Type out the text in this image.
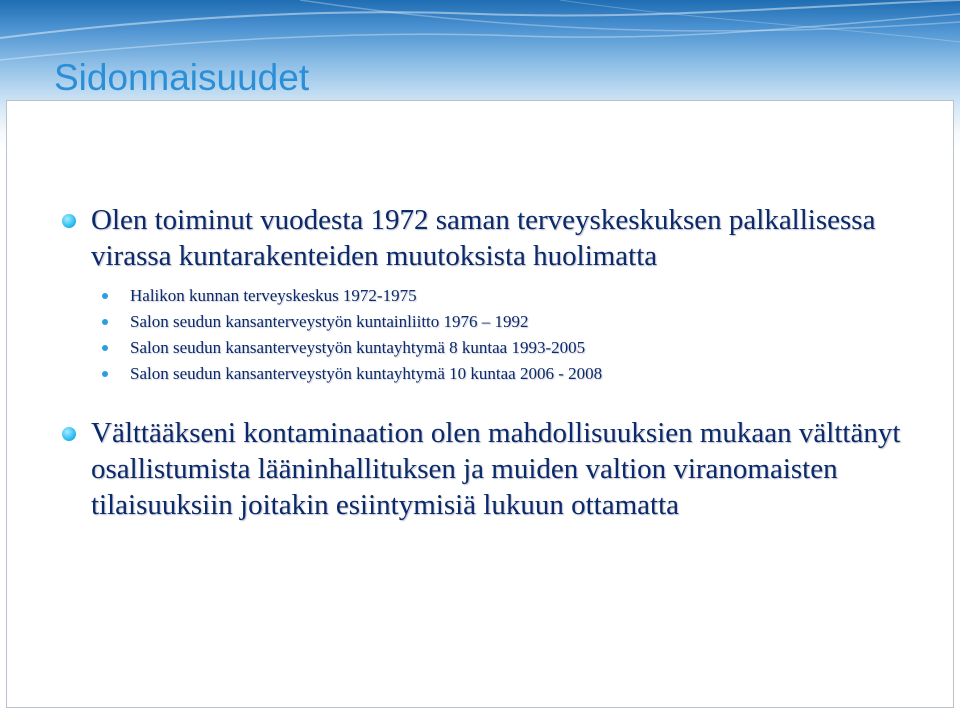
Sidonnaisuudet
Olen toiminut vuodesta 1972 saman terveyskeskuksen palkallisessa virassa kuntarakenteiden muutoksista huolimatta
Halikon kunnan terveyskeskus 1972-1975
Salon seudun kansanterveystyön kuntainliitto 1976 – 1992
Salon seudun kansanterveystyön kuntayhtymä 8 kuntaa 1993-2005
Salon seudun kansanterveystyön kuntayhtymä 10 kuntaa 2006 - 2008
Välttääkseni kontaminaation olen mahdollisuuksien mukaan välttänyt osallistumista lääninhallituksen ja muiden valtion viranomaisten tilaisuuksiin joitakin esiintymisiä lukuun ottamatta
